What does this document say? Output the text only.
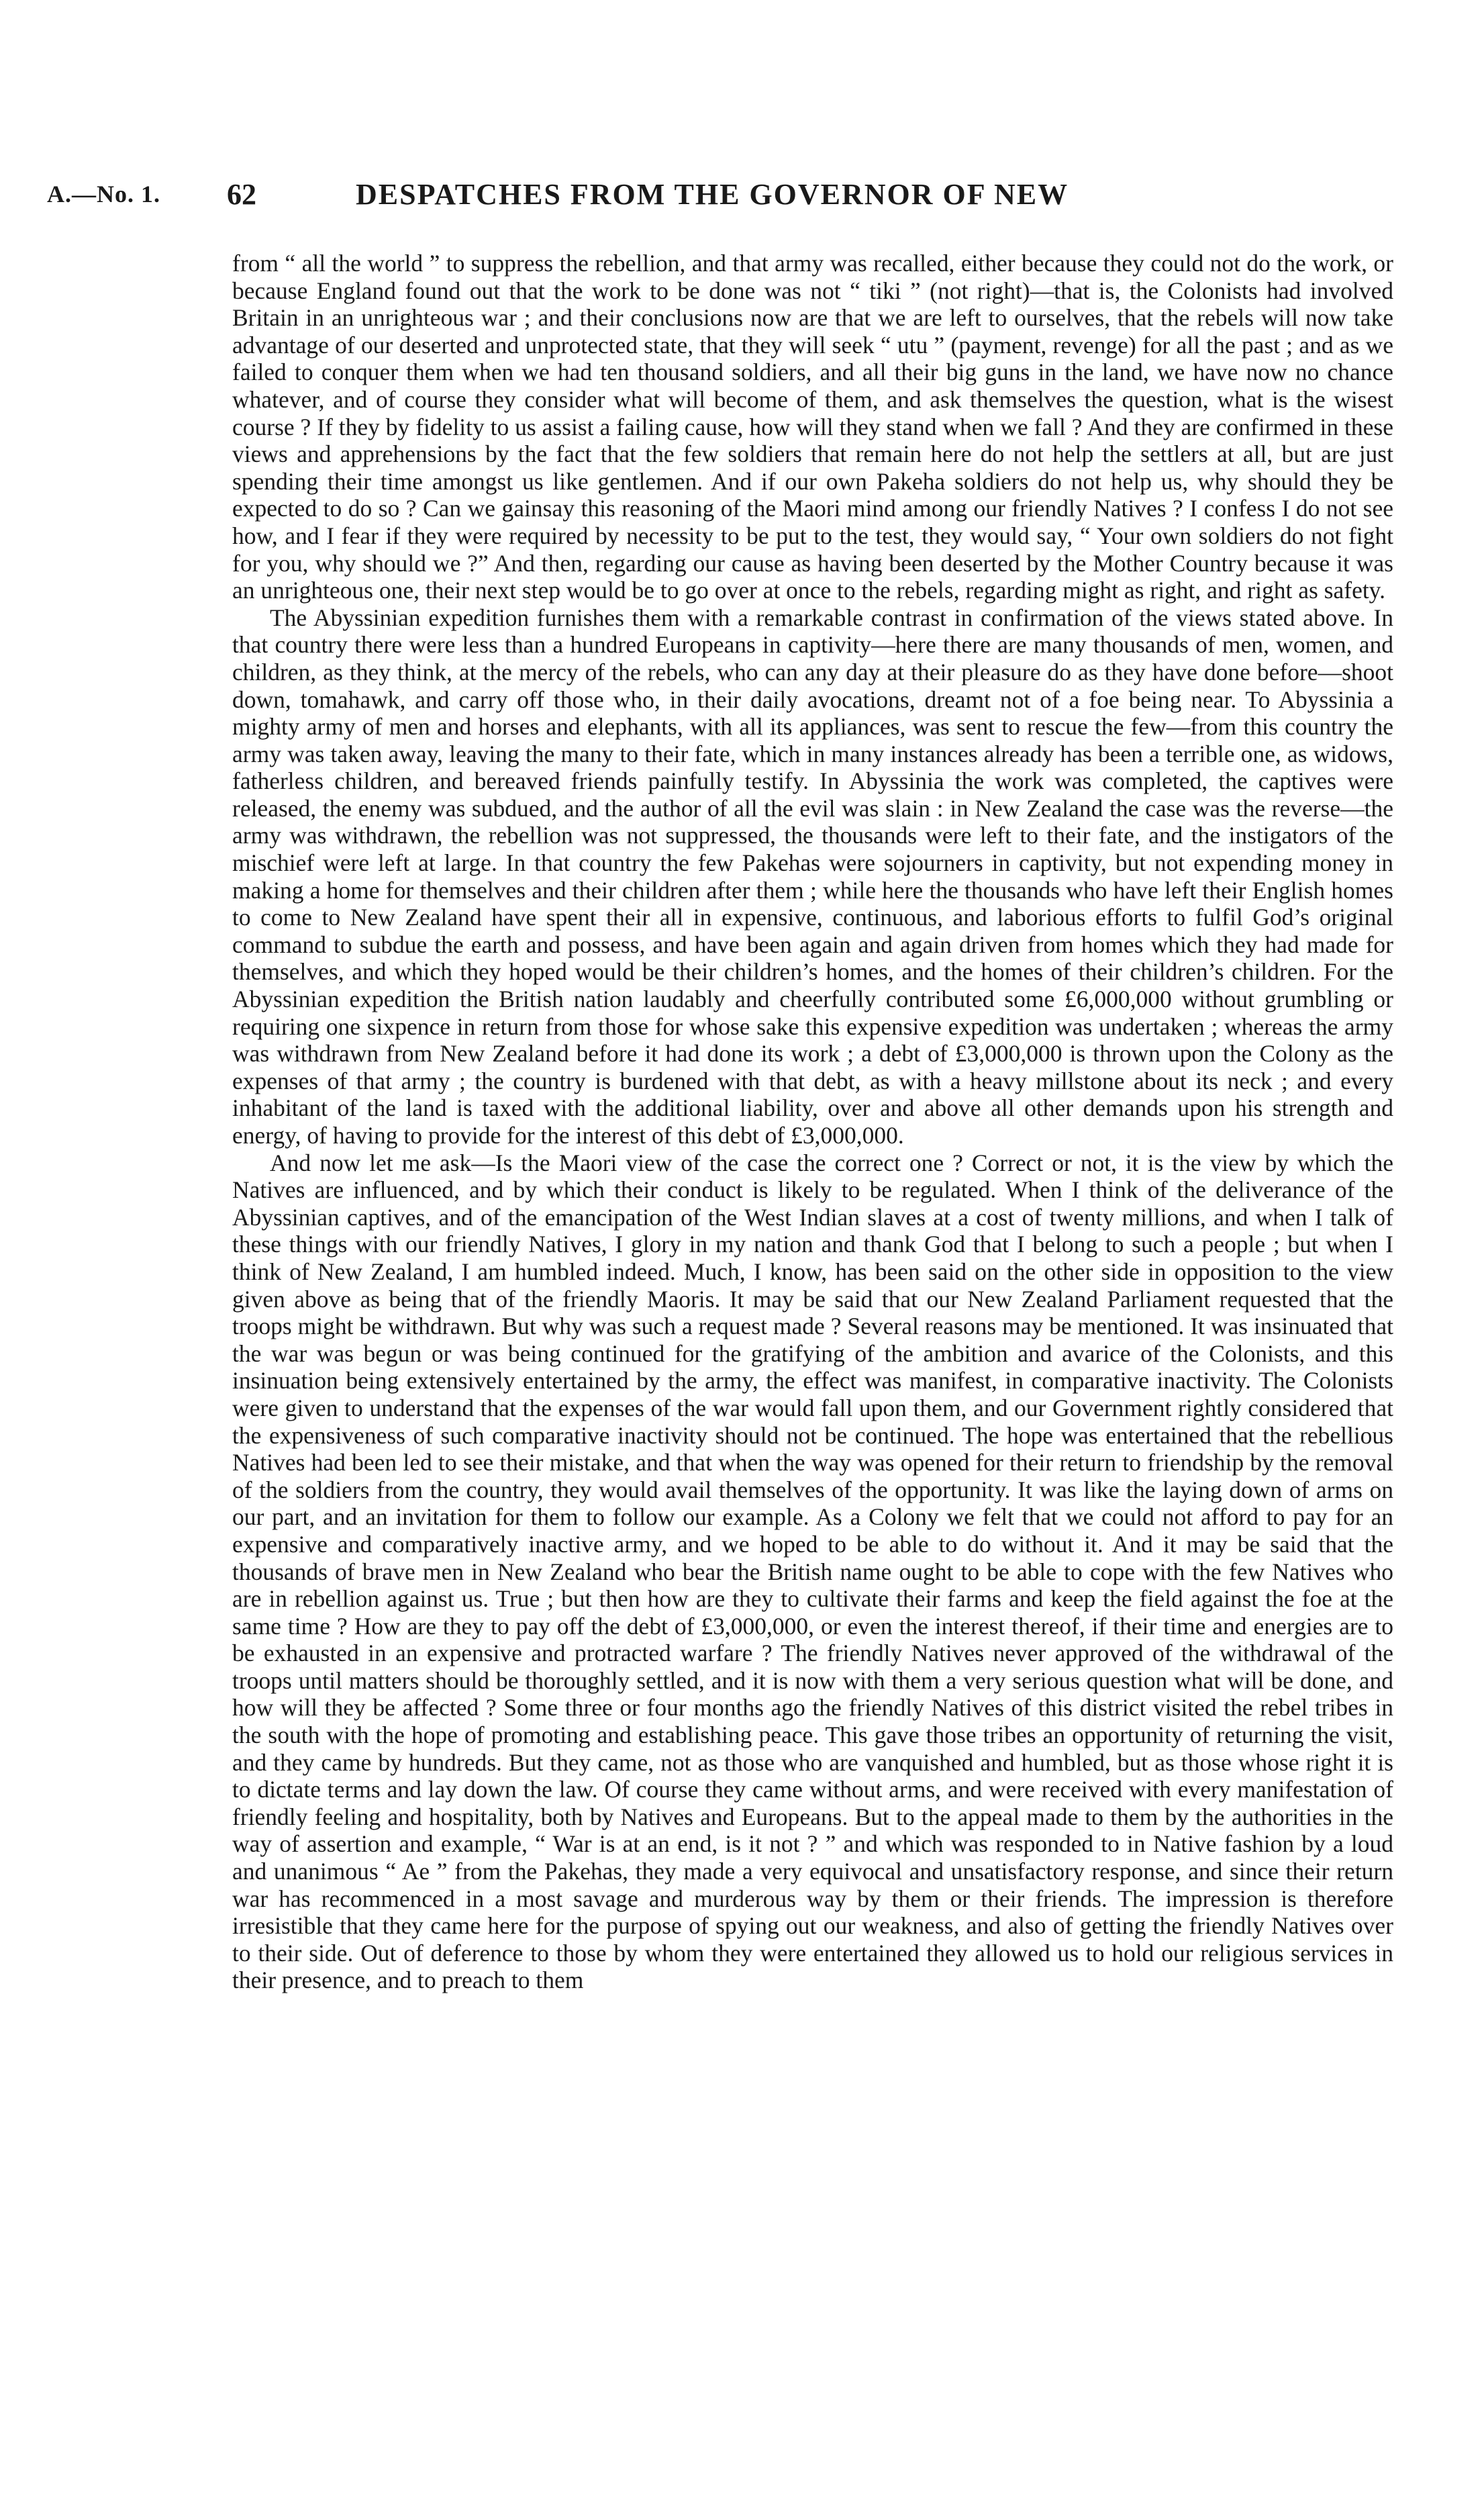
A.—No. 1. 62	DESPATCHES FROM THE GOVERNOR OF NEW

from “ all the world ” to suppress the rebellion, and that army was recalled, either because they could not do the work, or because England found out that the work to be done was not “ tiki ” (not right)—that is, the Colonists had involved Britain in an unrighteous war ; and their conclusions now are that we are left to ourselves, that the rebels will now take advantage of our deserted and unprotected state, that they will seek “ utu ” (payment, revenge) for all the past ; and as we failed to conquer them when we had ten thousand soldiers, and all their big guns in the land, we have now no chance whatever, and of course they consider what will become of them, and ask themselves the question, what is the wisest course ? If they by fidelity to us assist a failing cause, how will they stand when we fall ? And they are confirmed in these views and apprehensions by the fact that the few soldiers that remain here do not help the settlers at all, but are just spending their time amongst us like gentlemen. And if our own Pakeha soldiers do not help us, why should they be expected to do so ? Can we gainsay this reasoning of the Maori mind among our friendly Natives ? I confess I do not see how, and I fear if they were required by necessity to be put to the test, they would say, “ Your own soldiers do not fight for you, why should we ?” And then, regarding our cause as having been deserted by the Mother Country because it was an unrighteous one, their next step would be to go over at once to the rebels, regarding might as right, and right as safety.

The Abyssinian expedition furnishes them with a remarkable contrast in confirmation of the views stated above. In that country there were less than a hundred Europeans in captivity—here there are many thousands of men, women, and children, as they think, at the mercy of the rebels, who can any day at their pleasure do as they have done before—shoot down, tomahawk, and carry off those who, in their daily avocations, dreamt not of a foe being near. To Abyssinia a mighty army of men and horses and elephants, with all its appliances, was sent to rescue the few—from this country the army was taken away, leaving the many to their fate, which in many instances already has been a terrible one, as widows, fatherless children, and bereaved friends painfully testify. In Abyssinia the work was completed, the captives were released, the enemy was subdued, and the author of all the evil was slain : in New Zealand the case was the reverse—the army was withdrawn, the rebellion was not suppressed, the thousands were left to their fate, and the instigators of the mischief were left at large. In that country the few Pakehas were sojourners in captivity, but not expending money in making a home for themselves and their children after them ; while here the thousands who have left their English homes to come to New Zealand have spent their all in expensive, continuous, and laborious efforts to fulfil God’s original command to subdue the earth and possess, and have been again and again driven from homes which they had made for themselves, and which they hoped would be their children’s homes, and the homes of their children’s children. For the Abyssinian expedition the British nation laudably and cheerfully contributed some £6,000,000 without grumbling or requiring one sixpence in return from those for whose sake this expensive expedition was undertaken ; whereas the army was withdrawn from New Zealand before it had done its work ; a debt of £3,000,000 is thrown upon the Colony as the expenses of that army ; the country is burdened with that debt, as with a heavy millstone about its neck ; and every inhabitant of the land is taxed with the additional liability, over and above all other demands upon his strength and energy, of having to provide for the interest of this debt of £3,000,000.

And now let me ask—Is the Maori view of the case the correct one ? Correct or not, it is the view by which the Natives are influenced, and by which their conduct is likely to be regulated. When I think of the deliverance of the Abyssinian captives, and of the emancipation of the West Indian slaves at a cost of twenty millions, and when I talk of these things with our friendly Natives, I glory in my nation and thank God that I belong to such a people ; but when I think of New Zealand, I am humbled indeed. Much, I know, has been said on the other side in opposition to the view given above as being that of the friendly Maoris. It may be said that our New Zealand Parliament requested that the troops might be withdrawn. But why was such a request made ? Several reasons may be mentioned. It was insinuated that the war was begun or was being continued for the gratifying of the ambition and avarice of the Colonists, and this insinuation being extensively entertained by the army, the effect was manifest, in comparative inactivity. The Colonists were given to understand that the expenses of the war would fall upon them, and our Government rightly considered that the expensiveness of such comparative inactivity should not be continued. The hope was entertained that the rebellious Natives had been led to see their mistake, and that when the way was opened for their return to friendship by the removal of the soldiers from the country, they would avail themselves of the opportunity. It was like the laying down of arms on our part, and an invitation for them to follow our example. As a Colony we felt that we could not afford to pay for an expensive and comparatively inactive army, and we hoped to be able to do without it. And it may be said that the thousands of brave men in New Zealand who bear the British name ought to be able to cope with the few Natives who are in rebellion against us. True ; but then how are they to cultivate their farms and keep the field against the foe at the same time ? How are they to pay off the debt of £3,000,000, or even the interest thereof, if their time and energies are to be exhausted in an expensive and protracted warfare ? The friendly Natives never approved of the withdrawal of the troops until matters should be thoroughly settled, and it is now with them a very serious question what will be done, and how will they be affected ? Some three or four months ago the friendly Natives of this district visited the rebel tribes in the south with the hope of promoting and establishing peace. This gave those tribes an opportunity of returning the visit, and they came by hundreds. But they came, not as those who are vanquished and humbled, but as those whose right it is to dictate terms and lay down the law. Of course they came without arms, and were received with every manifestation of friendly feeling and hospitality, both by Natives and Europeans. But to the appeal made to them by the authorities in the way of assertion and example, “ War is at an end, is it not ? ” and which was responded to in Native fashion by a loud and unanimous “ Ae ” from the Pakehas, they made a very equivocal and unsatisfactory response, and since their return war has recommenced in a most savage and murderous way by them or their friends. The impression is therefore irresistible that they came here for the purpose of spying out our weakness, and also of getting the friendly Natives over to their side. Out of deference to those by whom they were entertained they allowed us to hold our religious services in their presence, and to preach to them
